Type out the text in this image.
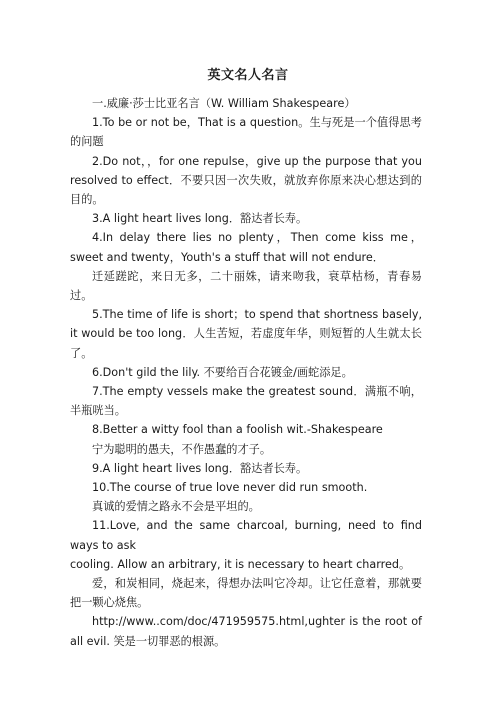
英文名人名言

一.威廉·莎士比亚名言（W. William Shakespeare）

1.To be or not be，That is a question。生与死是一个值得思考的问题

2.Do not，，for one repulse，give up the purpose that you resolved to effect．不要只因一次失败，就放弃你原来决心想达到的目的。

3.A light heart lives long．豁达者长寿。

4.In delay there lies no plenty，Then come kiss me，sweet and twenty，Youth's a stuff that will not endure．

迁延蹉跎，来日无多，二十丽姝，请来吻我，衰草枯杨，青春易过。

5.The time of life is short；to spend that shortness basely, it would be too long．人生苦短，若虚度年华，则短暂的人生就太长了。

6.Don't gild the lily. 不要给百合花镀金/画蛇添足。

7.The empty vessels make the greatest sound．满瓶不响，半瓶咣当。

8.Better a witty fool than a foolish wit.-Shakespeare

宁为聪明的愚夫，不作愚蠢的才子。

9.A light heart lives long．豁达者长寿。

10.The course of true love never did run smooth.

真诚的爱情之路永不会是平坦的。

11.Love, and the same charcoal, burning, need to find ways to ask

cooling. Allow an arbitrary, it is necessary to heart charred。

爱，和炭相同，烧起来，得想办法叫它冷却。让它任意着，那就要把一颗心烧焦。

http://www..com/doc/471959575.html,ughter is the root of all evil. 笑是一切罪恶的根源。
